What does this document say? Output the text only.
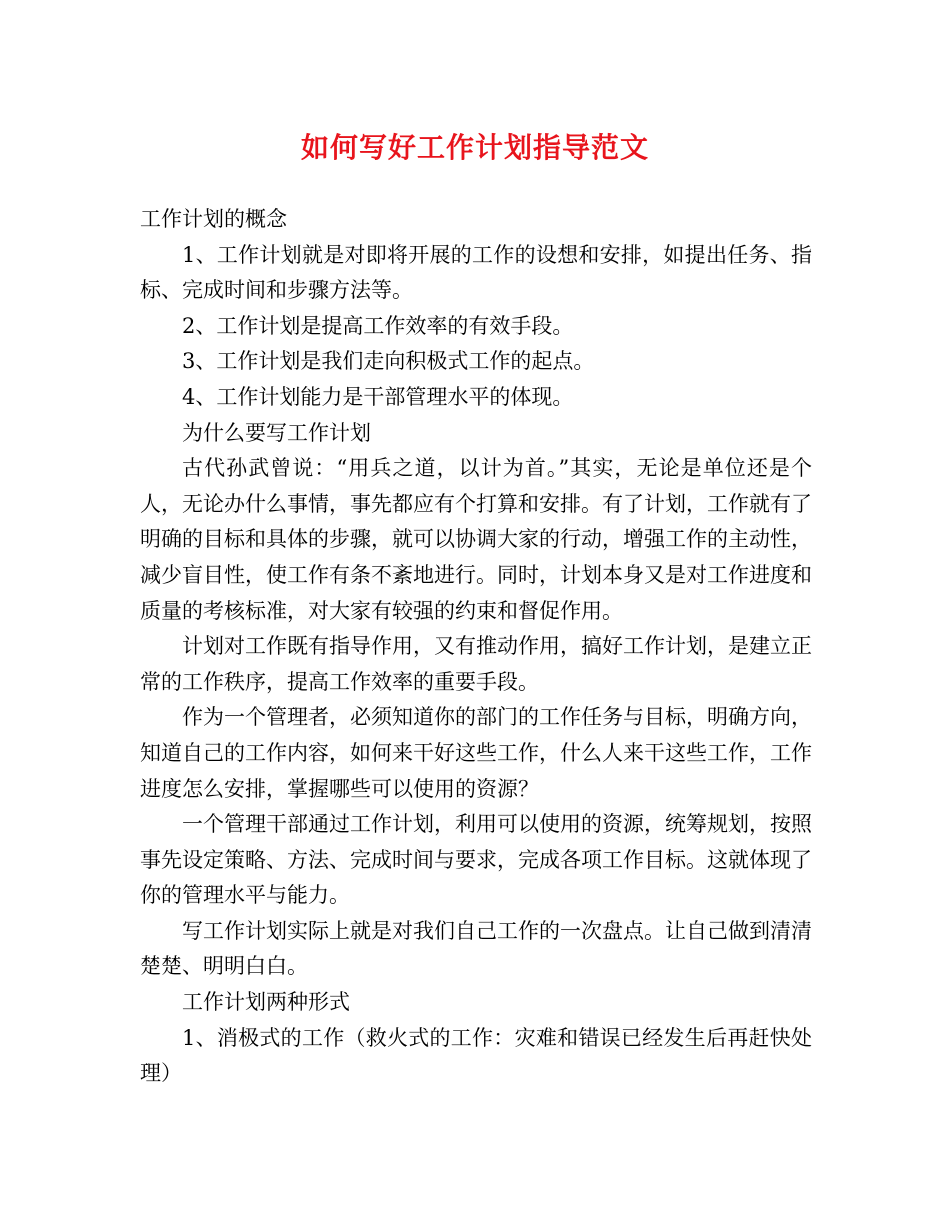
如何写好工作计划指导范文

工作计划的概念

1、工作计划就是对即将开展的工作的设想和安排，如提出任务、指标、完成时间和步骤方法等。

2、工作计划是提高工作效率的有效手段。

3、工作计划是我们走向积极式工作的起点。

4、工作计划能力是干部管理水平的体现。

为什么要写工作计划

古代孙武曾说：“用兵之道，以计为首。”其实，无论是单位还是个人，无论办什么事情，事先都应有个打算和安排。有了计划，工作就有了明确的目标和具体的步骤，就可以协调大家的行动，增强工作的主动性，减少盲目性，使工作有条不紊地进行。同时，计划本身又是对工作进度和质量的考核标准，对大家有较强的约束和督促作用。

计划对工作既有指导作用，又有推动作用，搞好工作计划，是建立正常的工作秩序，提高工作效率的重要手段。

作为一个管理者，必须知道你的部门的工作任务与目标，明确方向，知道自己的工作内容，如何来干好这些工作，什么人来干这些工作，工作进度怎么安排，掌握哪些可以使用的资源？

一个管理干部通过工作计划，利用可以使用的资源，统筹规划，按照事先设定策略、方法、完成时间与要求，完成各项工作目标。这就体现了你的管理水平与能力。

写工作计划实际上就是对我们自己工作的一次盘点。让自己做到清清楚楚、明明白白。

工作计划两种形式

1、消极式的工作（救火式的工作：灾难和错误已经发生后再赶快处理）
